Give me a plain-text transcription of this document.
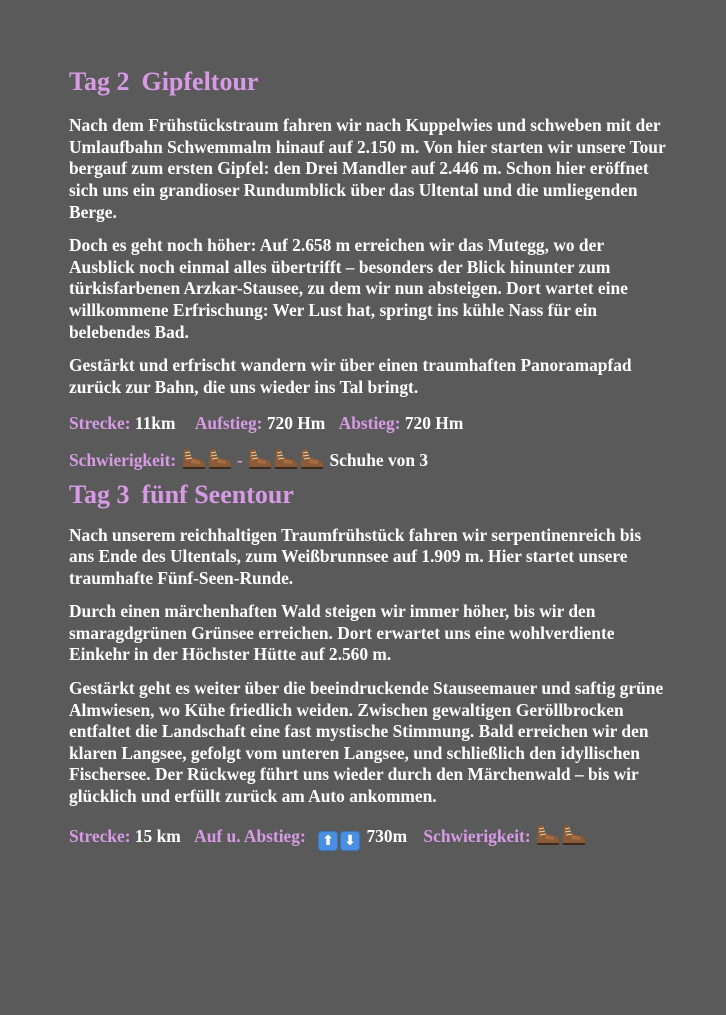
Tag 2 Gipfeltour

Nach dem Frühstückstraum fahren wir nach Kuppelwies und schweben mit der Umlaufbahn Schwemmalm hinauf auf 2.150 m. Von hier starten wir unsere Tour bergauf zum ersten Gipfel: den Drei Mandler auf 2.446 m. Schon hier eröffnet sich uns ein grandioser Rundumblick über das Ultental und die umliegenden Berge.

Doch es geht noch höher: Auf 2.658 m erreichen wir das Mutegg, wo der Ausblick noch einmal alles übertrifft – besonders der Blick hinunter zum türkisfarbenen Arzkar-Stausee, zu dem wir nun absteigen. Dort wartet eine willkommene Erfrischung: Wer Lust hat, springt ins kühle Nass für ein belebendes Bad.

Gestärkt und erfrischt wandern wir über einen traumhaften Panoramapfad zurück zur Bahn, die uns wieder ins Tal bringt.

Strecke: 11km Aufstieg: 720 Hm Abstieg: 720 Hm
Schwierigkeit:	-	Schuhe von 3
Tag 3 fünf Seentour

Nach unserem reichhaltigen Traumfrühstück fahren wir serpentinenreich bis ans Ende des Ultentals, zum Weißbrunnsee auf 1.909 m. Hier startet unsere traumhafte Fünf-Seen-Runde.

Durch einen märchenhaften Wald steigen wir immer höher, bis wir den smaragdgrünen Grünsee erreichen. Dort erwartet uns eine wohlverdiente Einkehr in der Höchster Hütte auf 2.560 m.

Gestärkt geht es weiter über die beeindruckende Stauseemauer und saftig grüne Almwiesen, wo Kühe friedlich weiden. Zwischen gewaltigen Geröllbrocken entfaltet die Landschaft eine fast mystische Stimmung. Bald erreichen wir den klaren Langsee, gefolgt vom unteren Langsee, und schließlich den idyllischen Fischersee. Der Rückweg führt uns wieder durch den Märchenwald – bis wir glücklich und erfüllt zurück am Auto ankommen.

Strecke: 15 km Auf u. Abstieg: ⬆ ⬇ 730m Schwierigkeit:
